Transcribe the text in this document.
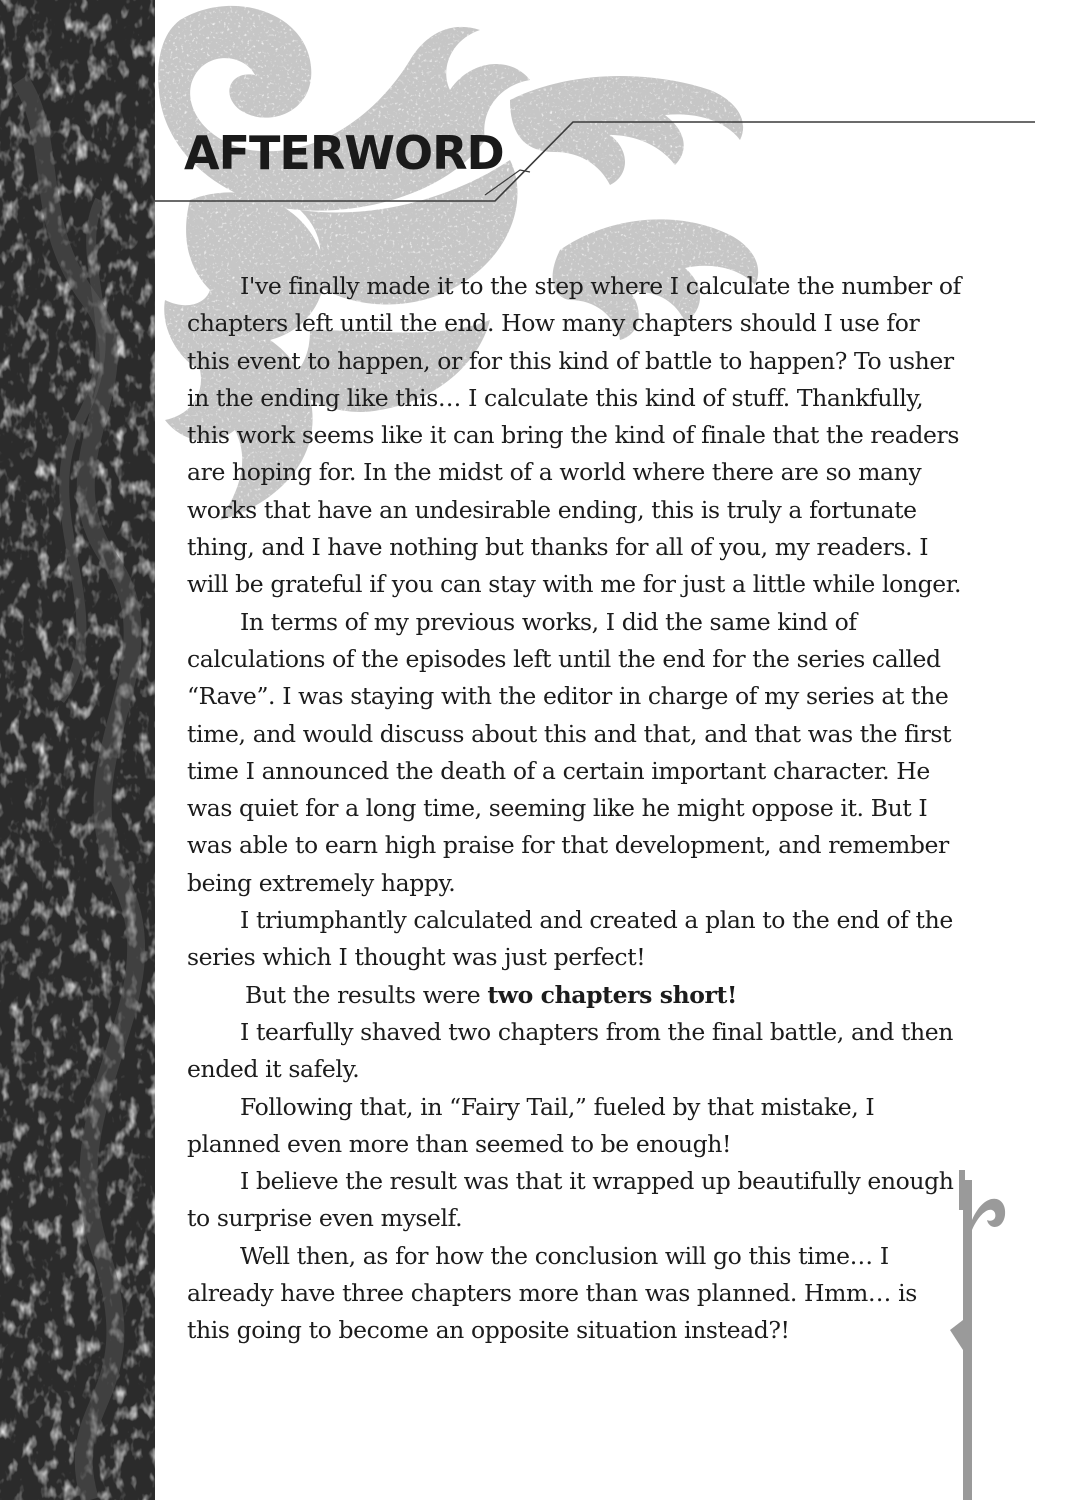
AFTERWORD

I've finally made it to the step where I calculate the number of chapters left until the end. How many chapters should I use for this event to happen, or for this kind of battle to happen? To usher in the ending like this… I calculate this kind of stuff. Thankfully, this work seems like it can bring the kind of finale that the readers are hoping for. In the midst of a world where there are so many works that have an undesirable ending, this is truly a fortunate thing, and I have nothing but thanks for all of you, my readers. I will be grateful if you can stay with me for just a little while longer.

In terms of my previous works, I did the same kind of calculations of the episodes left until the end for the series called “Rave”. I was staying with the editor in charge of my series at the time, and would discuss about this and that, and that was the first time I announced the death of a certain important character. He was quiet for a long time, seeming like he might oppose it. But I was able to earn high praise for that development, and remember being extremely happy.

I triumphantly calculated and created a plan to the end of the series which I thought was just perfect!

But the results were two chapters short!

I tearfully shaved two chapters from the final battle, and then ended it safely.

Following that, in “Fairy Tail,” fueled by that mistake, I planned even more than seemed to be enough!

I believe the result was that it wrapped up beautifully enough to surprise even myself.

Well then, as for how the conclusion will go this time… I already have three chapters more than was planned. Hmm… is this going to become an opposite situation instead?!
